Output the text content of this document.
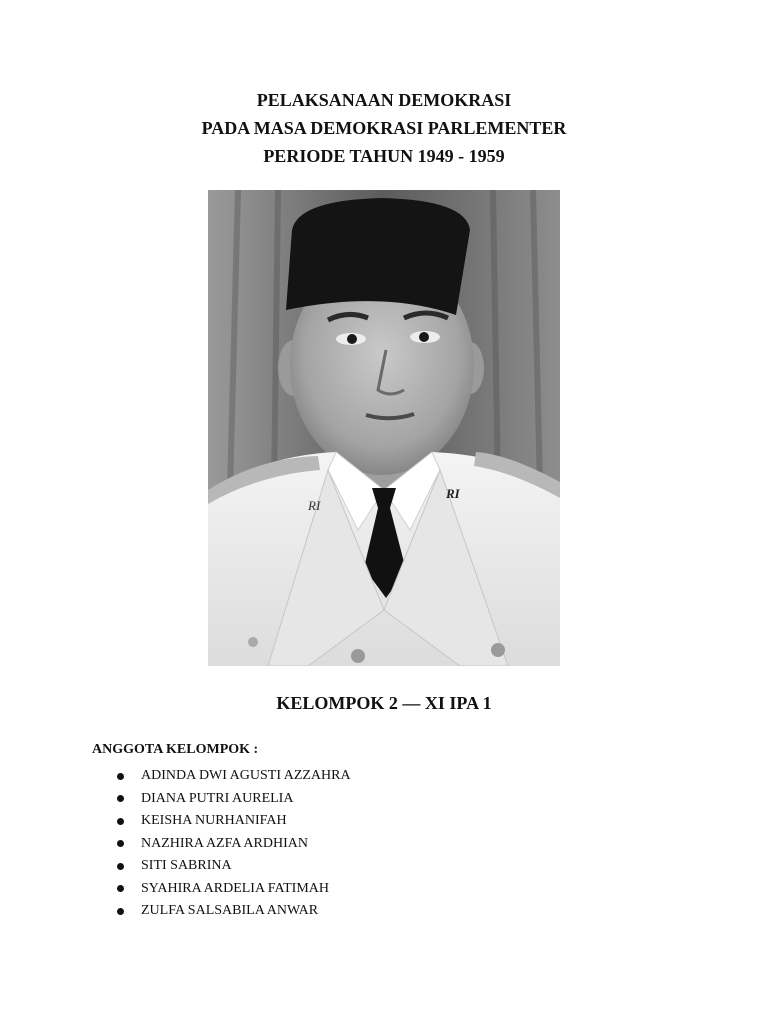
PELAKSANAAN DEMOKRASI

PADA MASA DEMOKRASI PARLEMENTER

PERIODE TAHUN 1949 - 1959

RI
RI

KELOMPOK 2 — XI IPA 1

ANGGOTA KELOMPOK :

ADINDA DWI AGUSTI AZZAHRA
DIANA PUTRI AURELIA
KEISHA NURHANIFAH
NAZHIRA AZFA ARDHIAN
SITI SABRINA
SYAHIRA ARDELIA FATIMAH
ZULFA SALSABILA ANWAR
